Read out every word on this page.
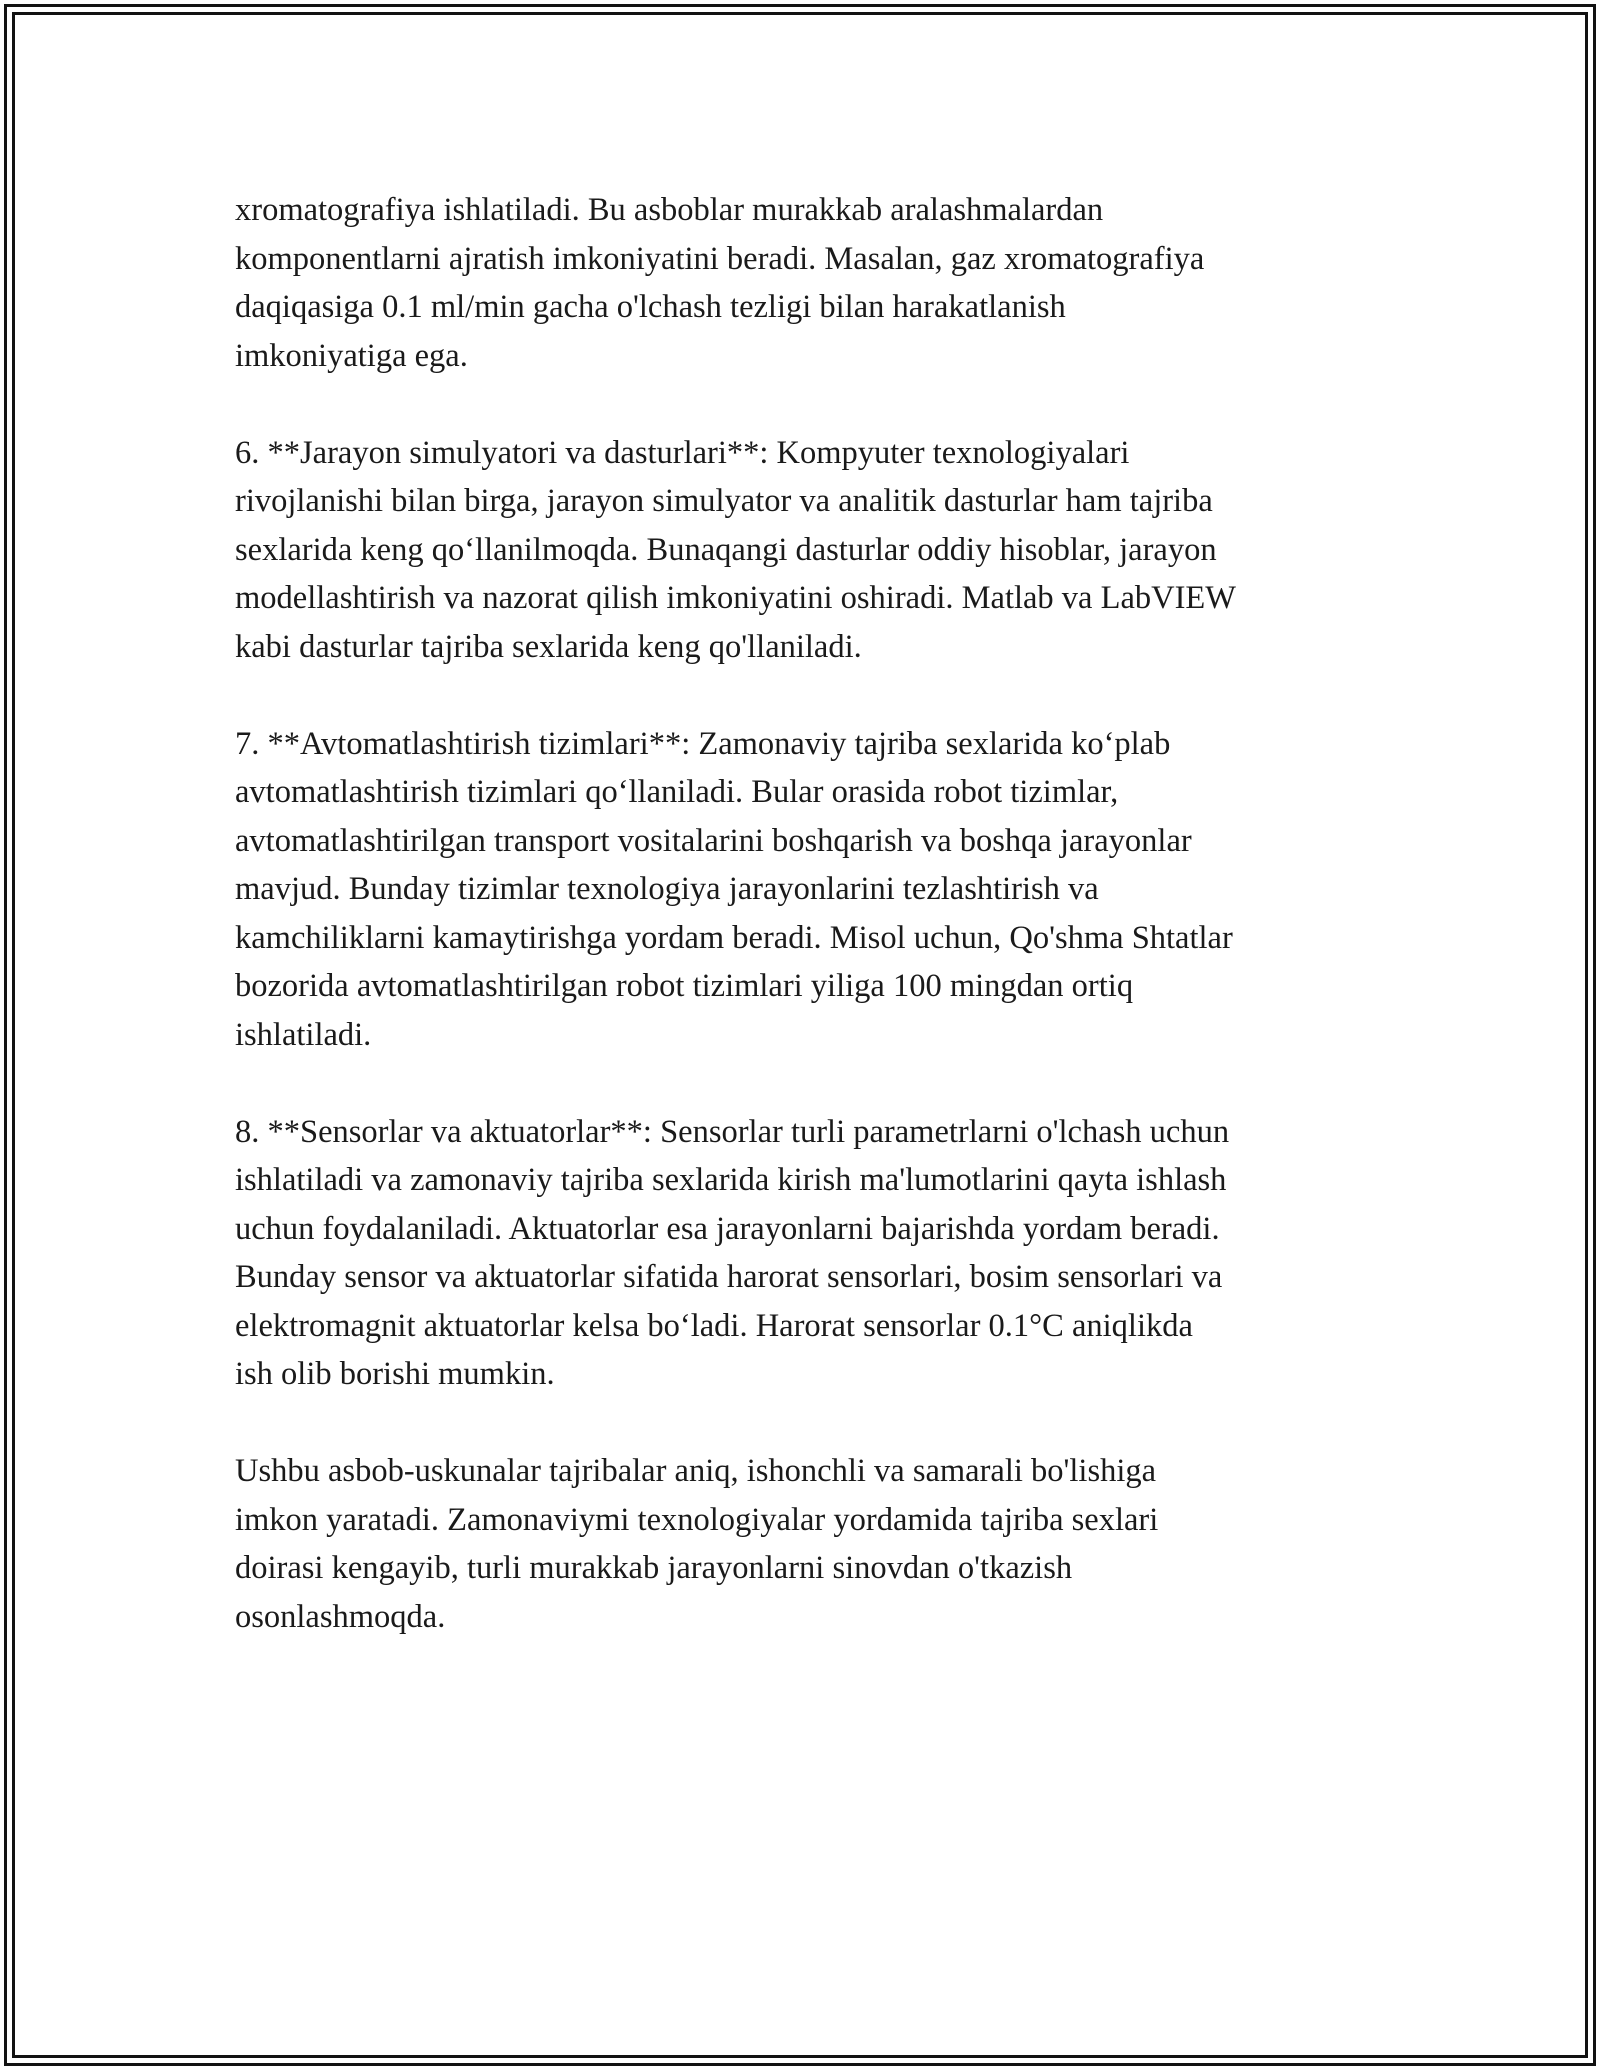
xromatografiya ishlatiladi. Bu asboblar murakkab aralashmalardan
komponentlarni ajratish imkoniyatini beradi. Masalan, gaz xromatografiya
daqiqasiga 0.1 ml/min gacha o'lchash tezligi bilan harakatlanish
imkoniyatiga ega.

6. **Jarayon simulyatori va dasturlari**: Kompyuter texnologiyalari
rivojlanishi bilan birga, jarayon simulyator va analitik dasturlar ham tajriba
sexlarida keng qo‘llanilmoqda. Bunaqangi dasturlar oddiy hisoblar, jarayon
modellashtirish va nazorat qilish imkoniyatini oshiradi. Matlab va LabVIEW
kabi dasturlar tajriba sexlarida keng qo'llaniladi.

7. **Avtomatlashtirish tizimlari**: Zamonaviy tajriba sexlarida ko‘plab
avtomatlashtirish tizimlari qo‘llaniladi. Bular orasida robot tizimlar,
avtomatlashtirilgan transport vositalarini boshqarish va boshqa jarayonlar
mavjud. Bunday tizimlar texnologiya jarayonlarini tezlashtirish va
kamchiliklarni kamaytirishga yordam beradi. Misol uchun, Qo'shma Shtatlar
bozorida avtomatlashtirilgan robot tizimlari yiliga 100 mingdan ortiq
ishlatiladi.

8. **Sensorlar va aktuatorlar**: Sensorlar turli parametrlarni o'lchash uchun
ishlatiladi va zamonaviy tajriba sexlarida kirish ma'lumotlarini qayta ishlash
uchun foydalaniladi. Aktuatorlar esa jarayonlarni bajarishda yordam beradi.
Bunday sensor va aktuatorlar sifatida harorat sensorlari, bosim sensorlari va
elektromagnit aktuatorlar kelsa bo‘ladi. Harorat sensorlar 0.1°C aniqlikda
ish olib borishi mumkin.

Ushbu asbob-uskunalar tajribalar aniq, ishonchli va samarali bo'lishiga
imkon yaratadi. Zamonaviymi texnologiyalar yordamida tajriba sexlari
doirasi kengayib, turli murakkab jarayonlarni sinovdan o'tkazish
osonlashmoqda.
